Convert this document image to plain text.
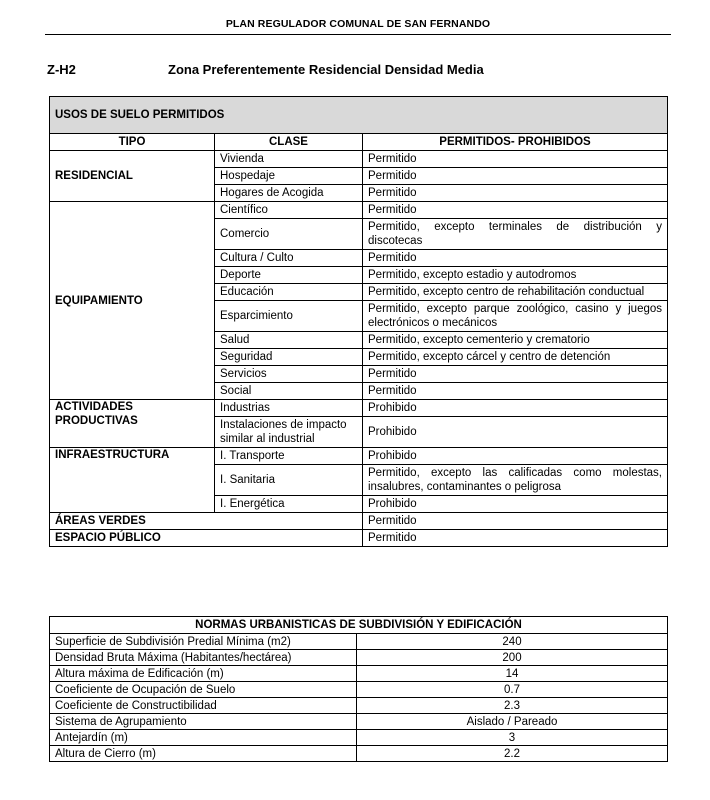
PLAN REGULADOR COMUNAL DE SAN FERNANDO
Z-H2	Zona Preferentemente Residencial Densidad Media
USOS DE SUELO PERMITIDOS		
TIPO	CLASE	PERMITIDOS- PROHIBIDOS
RESIDENCIAL	Vivienda	Permitido
	Hospedaje	Permitido
	Hogares de Acogida	Permitido
EQUIPAMIENTO	Científico	Permitido
	Comercio	Permitido, excepto terminales de distribución y discotecas
	Cultura / Culto	Permitido
	Deporte	Permitido, excepto estadio y autodromos
	Educación	Permitido, excepto centro de rehabilitación conductual
	Esparcimiento	Permitido, excepto parque zoológico, casino y juegos electrónicos o mecánicos
	Salud	Permitido, excepto cementerio y crematorio
	Seguridad	Permitido, excepto cárcel y centro de detención
	Servicios	Permitido
	Social	Permitido
ACTIVIDADES PRODUCTIVAS	Industrias	Prohibido
	Instalaciones de impacto similar al industrial	Prohibido
INFRAESTRUCTURA	I. Transporte	Prohibido
	I. Sanitaria	Permitido, excepto las calificadas como molestas, insalubres, contaminantes o peligrosa
	I. Energética	Prohibido
ÁREAS VERDES		Permitido
ESPACIO PÚBLICO		Permitido
NORMAS URBANISTICAS DE SUBDIVISIÓN Y EDIFICACIÓN	
Superficie de Subdivisión Predial Mínima (m2)	240
Densidad Bruta Máxima (Habitantes/hectárea)	200
Altura máxima de Edificación (m)	14
Coeficiente de Ocupación de Suelo	0.7
Coeficiente de Constructibilidad	2.3
Sistema de Agrupamiento	Aislado / Pareado
Antejardín (m)	3
Altura de Cierro (m)	2.2
